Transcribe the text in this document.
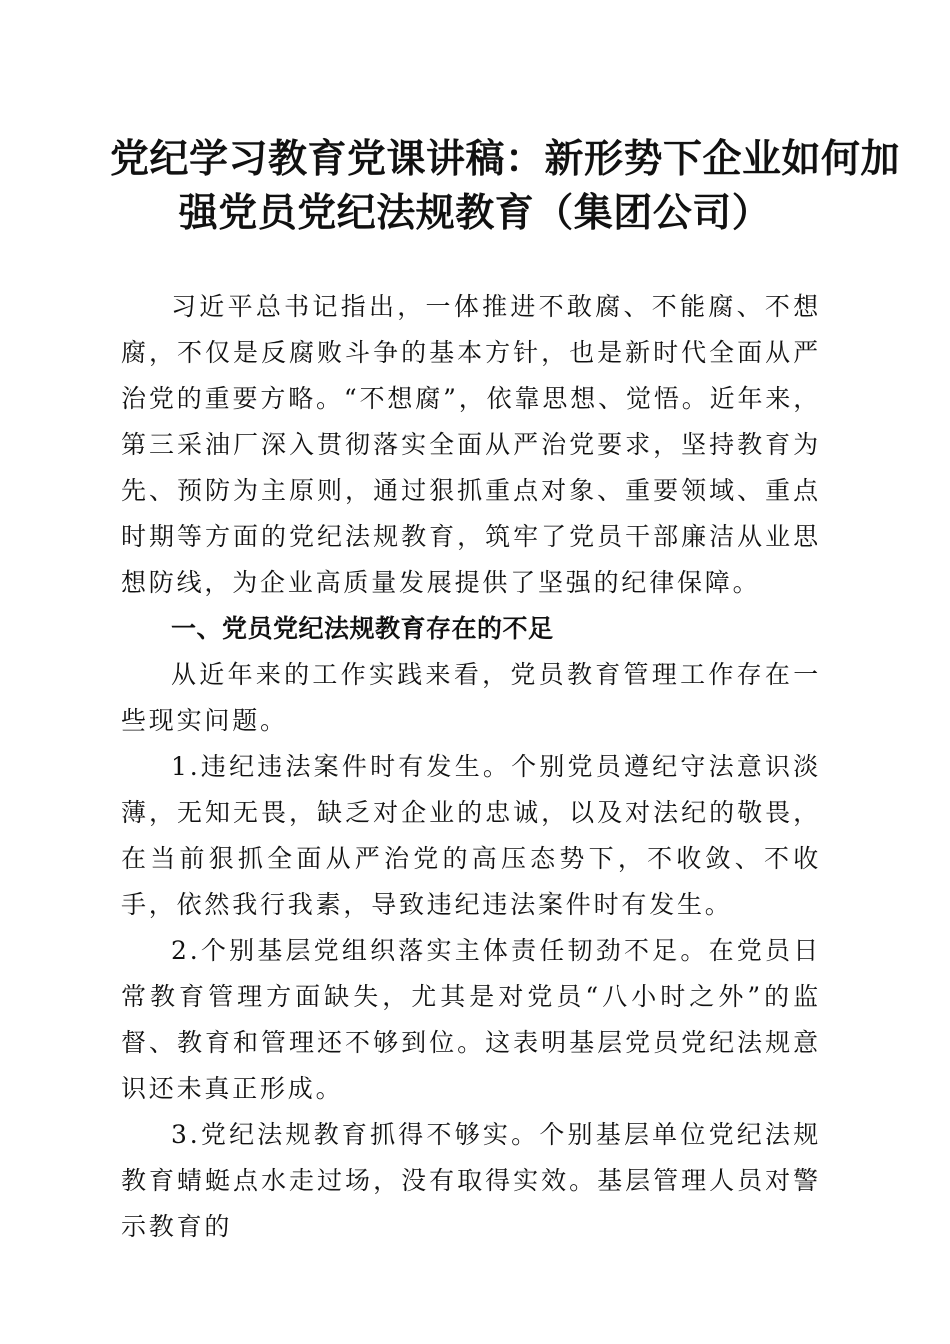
党纪学习教育党课讲稿：新形势下企业如何加
强党员党纪法规教育（集团公司）

习近平总书记指出，一体推进不敢腐、不能腐、不想腐，不仅是反腐败斗争的基本方针，也是新时代全面从严治党的重要方略。“不想腐”，依靠思想、觉悟。近年来，第三采油厂深入贯彻落实全面从严治党要求，坚持教育为先、预防为主原则，通过狠抓重点对象、重要领域、重点时期等方面的党纪法规教育，筑牢了党员干部廉洁从业思想防线，为企业高质量发展提供了坚强的纪律保障。

一、党员党纪法规教育存在的不足

从近年来的工作实践来看，党员教育管理工作存在一些现实问题。

1.违纪违法案件时有发生。个别党员遵纪守法意识淡薄，无知无畏，缺乏对企业的忠诚，以及对法纪的敬畏，在当前狠抓全面从严治党的高压态势下，不收敛、不收手，依然我行我素，导致违纪违法案件时有发生。

2.个别基层党组织落实主体责任韧劲不足。在党员日常教育管理方面缺失，尤其是对党员“八小时之外”的监督、教育和管理还不够到位。这表明基层党员党纪法规意识还未真正形成。

3.党纪法规教育抓得不够实。个别基层单位党纪法规教育蜻蜓点水走过场，没有取得实效。基层管理人员对警示教育的
